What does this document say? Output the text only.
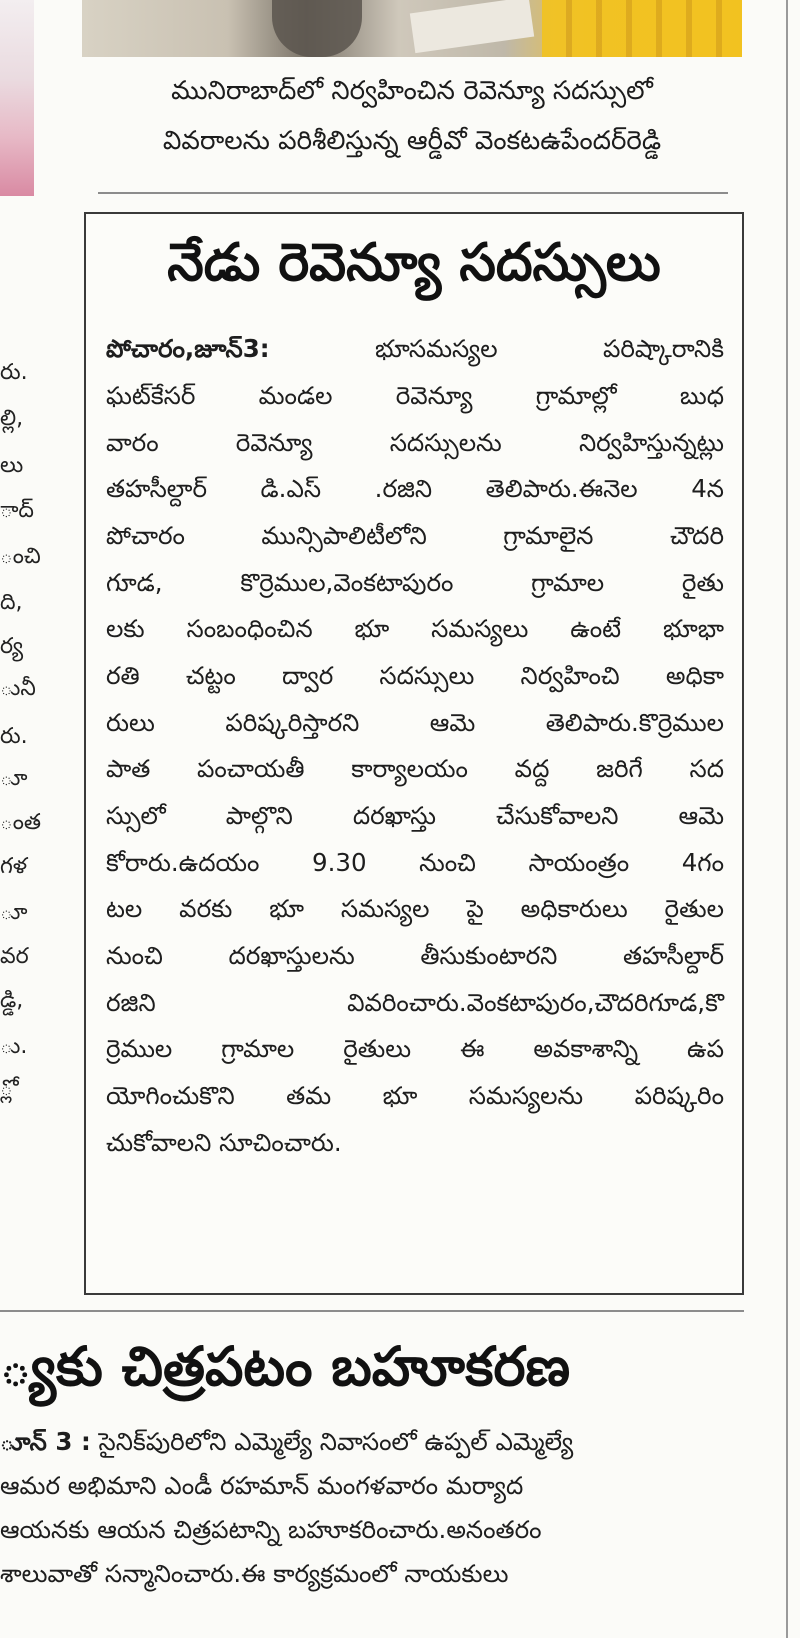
మునిరాబాద్‌లో నిర్వహించిన రెవెన్యూ సదస్సులో
వివరాలను పరిశీలిస్తున్న ఆర్డీవో వెంకటఉపేందర్‌రెడ్డి
నేడు రెవెన్యూ సదస్సులు
పోచారం,జూన్‌3:	భూసమస్యల పరిష్కారానికి
ఘట్‌కేసర్ మండల రెవెన్యూ గ్రామాల్లో బుధ
వారం రెవెన్యూ సదస్సులను నిర్వహిస్తున్నట్లు
తహసీల్దార్ డి.ఎస్ .రజిని తెలిపారు.ఈనెల 4న
పోచారం మున్సిపాలిటీలోని గ్రామాలైన చౌదరి
గూడ, కొర్రెముల,వెంకటాపురం గ్రామాల రైతు
లకు సంబంధించిన భూ సమస్యలు ఉంటే భూభా
రతి చట్టం ద్వార సదస్సులు నిర్వహించి అధికా
రులు పరిష్కరిస్తారని ఆమె తెలిపారు.కొర్రెముల
పాత పంచాయతీ కార్యాలయం వద్ద జరిగే సద
స్సులో పాల్గొని దరఖాస్తు చేసుకోవాలని ఆమె
కోరారు.ఉదయం 9.30 నుంచి సాయంత్రం 4గం
టల వరకు భూ సమస్యల పై అధికారులు రైతుల
నుంచి దరఖాస్తులను తీసుకుంటారని తహసీల్దార్
రజిని వివరించారు.వెంకటాపురం,చౌదరిగూడ,కొ
ర్రెముల గ్రామాల రైతులు ఈ అవకాశాన్ని ఉప
యోగించుకొని తమ భూ సమస్యలను పరిష్కరిం
చుకోవాలని సూచించారు.
రు.
ల్లి,
లు
ాద్
ంచి
ది,
ర్య
ునీ
రు.
ూ
ంత
గళ
ూ
వర
డ్డి,
ు.
్లో
్యకు చిత్రపటం బహూకరణ
ూన్ 3 : సైనిక్‌పురిలోని ఎమ్మెల్యే నివాసంలో ఉప్పల్ ఎమ్మెల్యే
ఆమర అభిమాని ఎండీ రహమాన్ మంగళవారం మర్యాద
ఆయనకు ఆయన చిత్రపటాన్ని బహూకరించారు.అనంతరం
శాలువాతో సన్మానించారు.ఈ కార్యక్రమంలో నాయకులు
